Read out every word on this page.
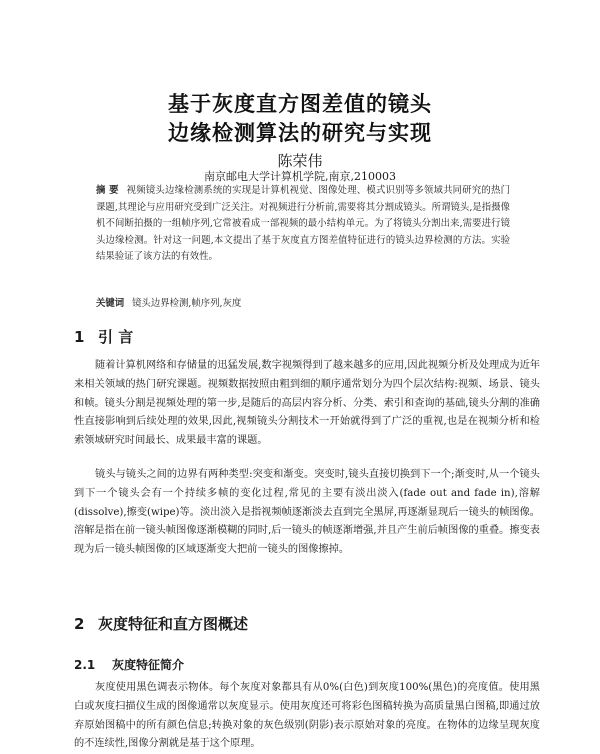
基于灰度直方图差值的镜头
边缘检测算法的研究与实现
陈荣伟
南京邮电大学计算机学院,南京,210003
摘 要 视频镜头边缘检测系统的实现是计算机视觉、图像处理、模式识别等多领域共同研究的热门课题,其理论与应用研究受到广泛关注。对视频进行分析前,需要将其分割成镜头。所谓镜头,是指摄像机不间断拍摄的一组帧序列,它常被看成一部视频的最小结构单元。为了将镜头分割出来,需要进行镜头边缘检测。针对这一问题,本文提出了基于灰度直方图差值特征进行的镜头边界检测的方法。实验结果验证了该方法的有效性。
关键词 镜头边界检测,帧序列,灰度
1 引 言

随着计算机网络和存储量的迅猛发展,数字视频得到了越来越多的应用,因此视频分析及处理成为近年来相关领域的热门研究课题。视频数据按照由粗到细的顺序通常划分为四个层次结构:视频、场景、镜头和帧。镜头分割是视频处理的第一步,是随后的高层内容分析、分类、索引和查询的基础,镜头分割的准确性直接影响到后续处理的效果,因此,视频镜头分割技术一开始就得到了广泛的重视,也是在视频分析和检索领域研究时间最长、成果最丰富的课题。

镜头与镜头之间的边界有两种类型:突变和渐变。突变时,镜头直接切换到下一个;渐变时,从一个镜头到下一个镜头会有一个持续多帧的变化过程,常见的主要有淡出淡入(fade out and fade in),溶解(dissolve),擦变(wipe)等。淡出淡入是指视频帧逐渐淡去直到完全黑屏,再逐渐显现后一镜头的帧图像。溶解是指在前一镜头帧图像逐渐模糊的同时,后一镜头的帧逐渐增强,并且产生前后帧图像的重叠。擦变表现为后一镜头帧图像的区域逐渐变大把前一镜头的图像擦掉。

2 灰度特征和直方图概述
2.1 灰度特征简介

灰度使用黑色调表示物体。每个灰度对象都具有从0%(白色)到灰度100%(黑色)的亮度值。使用黑白或灰度扫描仪生成的图像通常以灰度显示。使用灰度还可将彩色图稿转换为高质量黑白图稿,即通过放弃原始图稿中的所有颜色信息;转换对象的灰色级别(阴影)表示原始对象的亮度。在物体的边缘呈现灰度的不连续性,图像分割就是基于这个原理。
